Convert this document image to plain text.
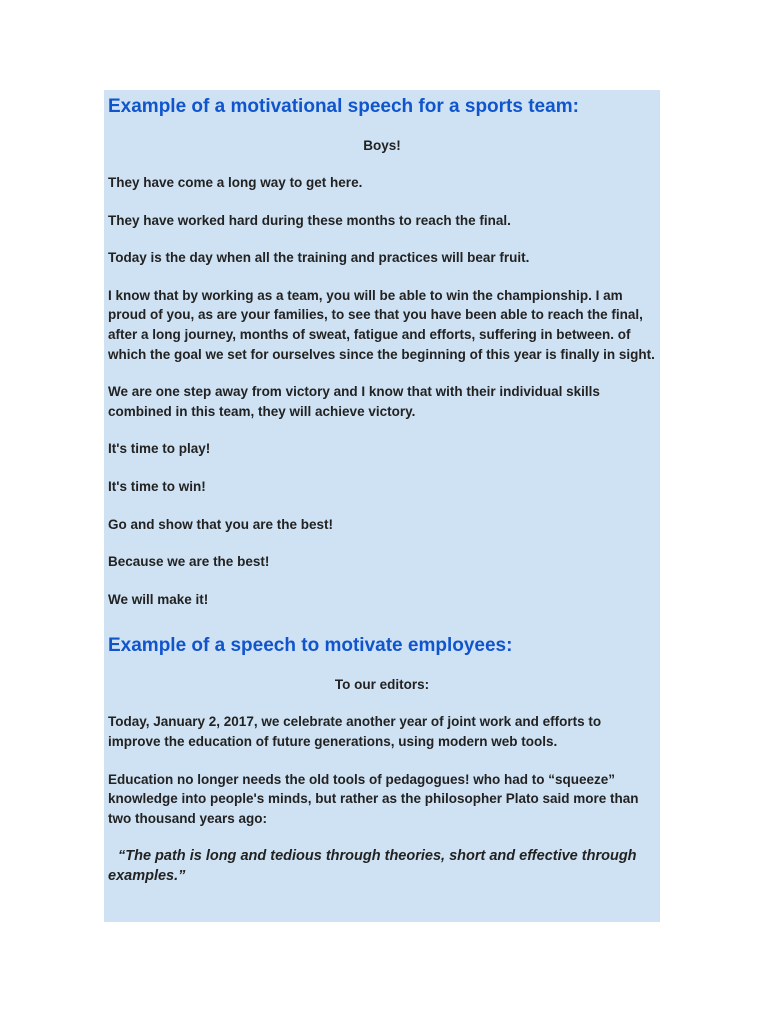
Example of a motivational speech for a sports team:

Boys!

They have come a long way to get here.

They have worked hard during these months to reach the final.

Today is the day when all the training and practices will bear fruit.

I know that by working as a team, you will be able to win the championship. I am proud of you, as are your families, to see that you have been able to reach the final, after a long journey, months of sweat, fatigue and efforts, suffering in between. of which the goal we set for ourselves since the beginning of this year is finally in sight.

We are one step away from victory and I know that with their individual skills combined in this team, they will achieve victory.

It's time to play!

It's time to win!

Go and show that you are the best!

Because we are the best!

We will make it!

Example of a speech to motivate employees:

To our editors:

Today, January 2, 2017, we celebrate another year of joint work and efforts to improve the education of future generations, using modern web tools.

Education no longer needs the old tools of pedagogues! who had to “squeeze” knowledge into people's minds, but rather as the philosopher Plato said more than two thousand years ago:

“The path is long and tedious through theories, short and effective through examples.”
